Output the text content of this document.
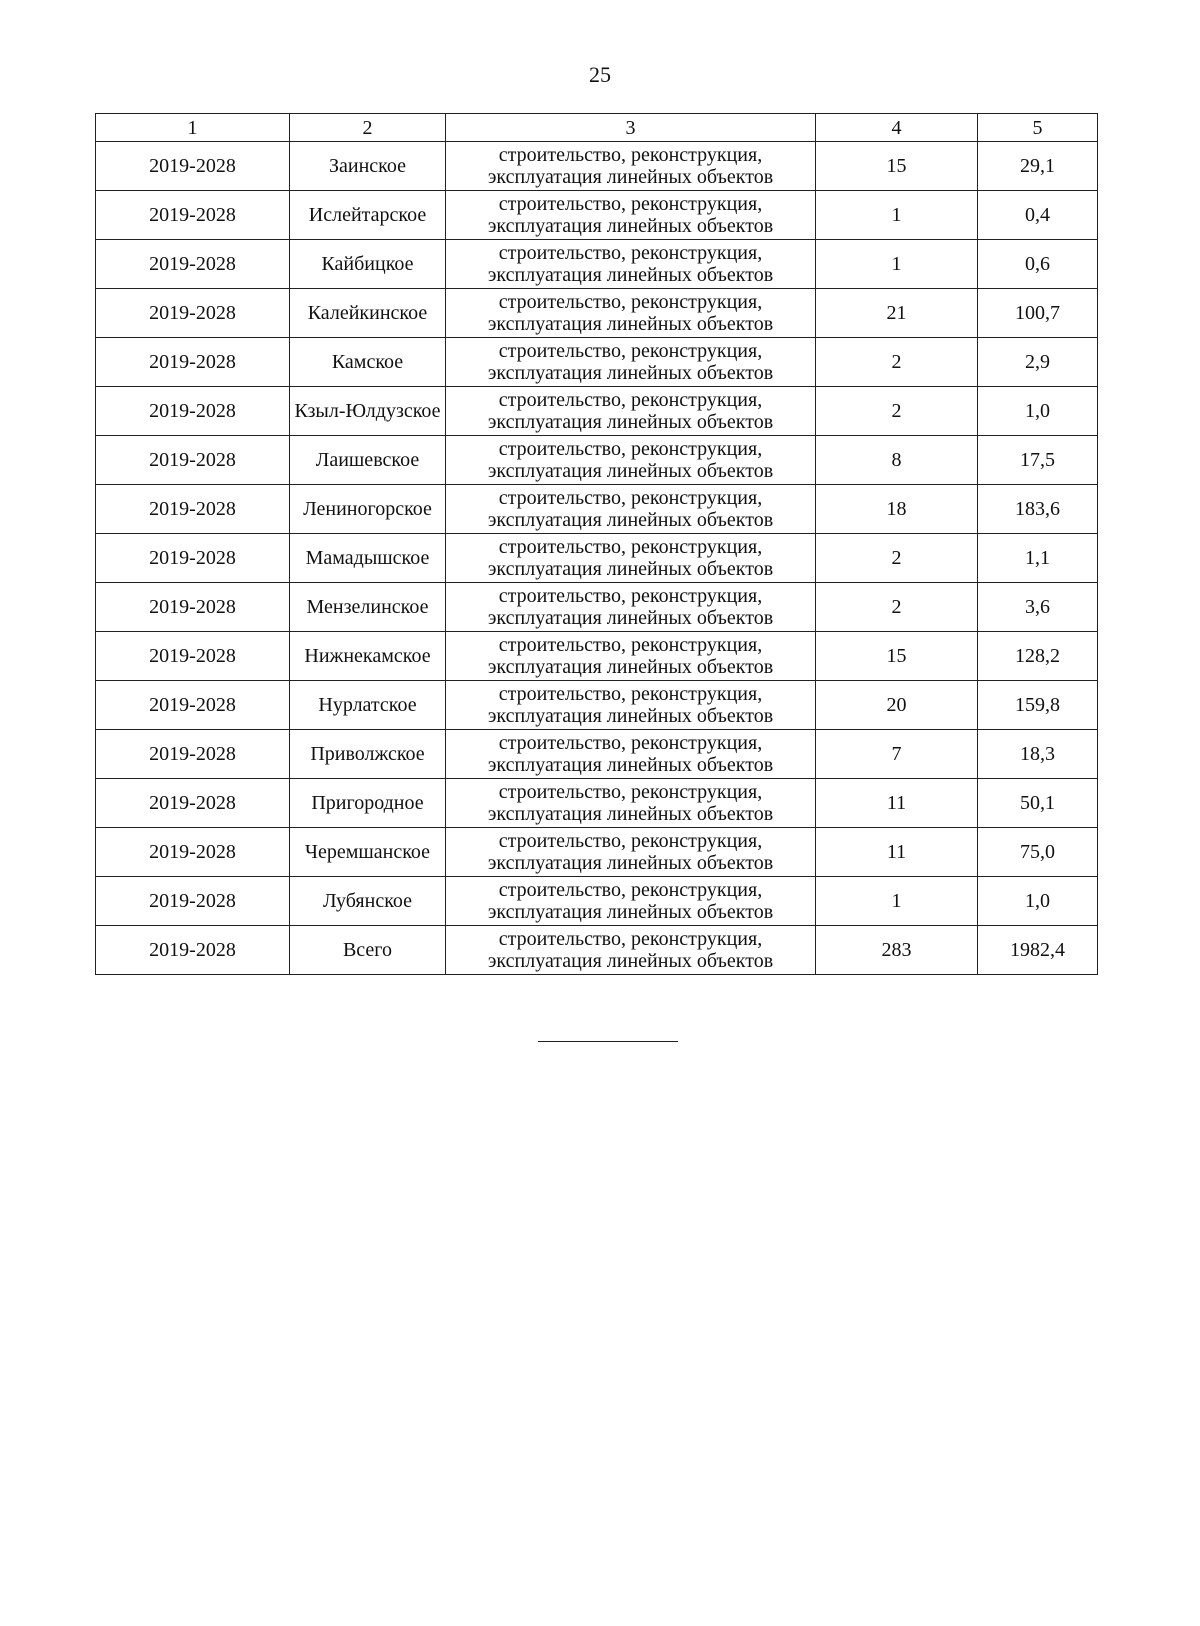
25
1	2	3	4	5
2019-2028	Заинское	строительство, реконструкция,
эксплуатация линейных объектов	15	29,1
2019-2028	Ислейтарское	строительство, реконструкция,
эксплуатация линейных объектов	1	0,4
2019-2028	Кайбицкое	строительство, реконструкция,
эксплуатация линейных объектов	1	0,6
2019-2028	Калейкинское	строительство, реконструкция,
эксплуатация линейных объектов	21	100,7
2019-2028	Камское	строительство, реконструкция,
эксплуатация линейных объектов	2	2,9
2019-2028	Кзыл-Юлдузское	строительство, реконструкция,
эксплуатация линейных объектов	2	1,0
2019-2028	Лаишевское	строительство, реконструкция,
эксплуатация линейных объектов	8	17,5
2019-2028	Лениногорское	строительство, реконструкция,
эксплуатация линейных объектов	18	183,6
2019-2028	Мамадышское	строительство, реконструкция,
эксплуатация линейных объектов	2	1,1
2019-2028	Мензелинское	строительство, реконструкция,
эксплуатация линейных объектов	2	3,6
2019-2028	Нижнекамское	строительство, реконструкция,
эксплуатация линейных объектов	15	128,2
2019-2028	Нурлатское	строительство, реконструкция,
эксплуатация линейных объектов	20	159,8
2019-2028	Приволжское	строительство, реконструкция,
эксплуатация линейных объектов	7	18,3
2019-2028	Пригородное	строительство, реконструкция,
эксплуатация линейных объектов	11	50,1
2019-2028	Черемшанское	строительство, реконструкция,
эксплуатация линейных объектов	11	75,0
2019-2028	Лубянское	строительство, реконструкция,
эксплуатация линейных объектов	1	1,0
2019-2028	Всего	строительство, реконструкция,
эксплуатация линейных объектов	283	1982,4
